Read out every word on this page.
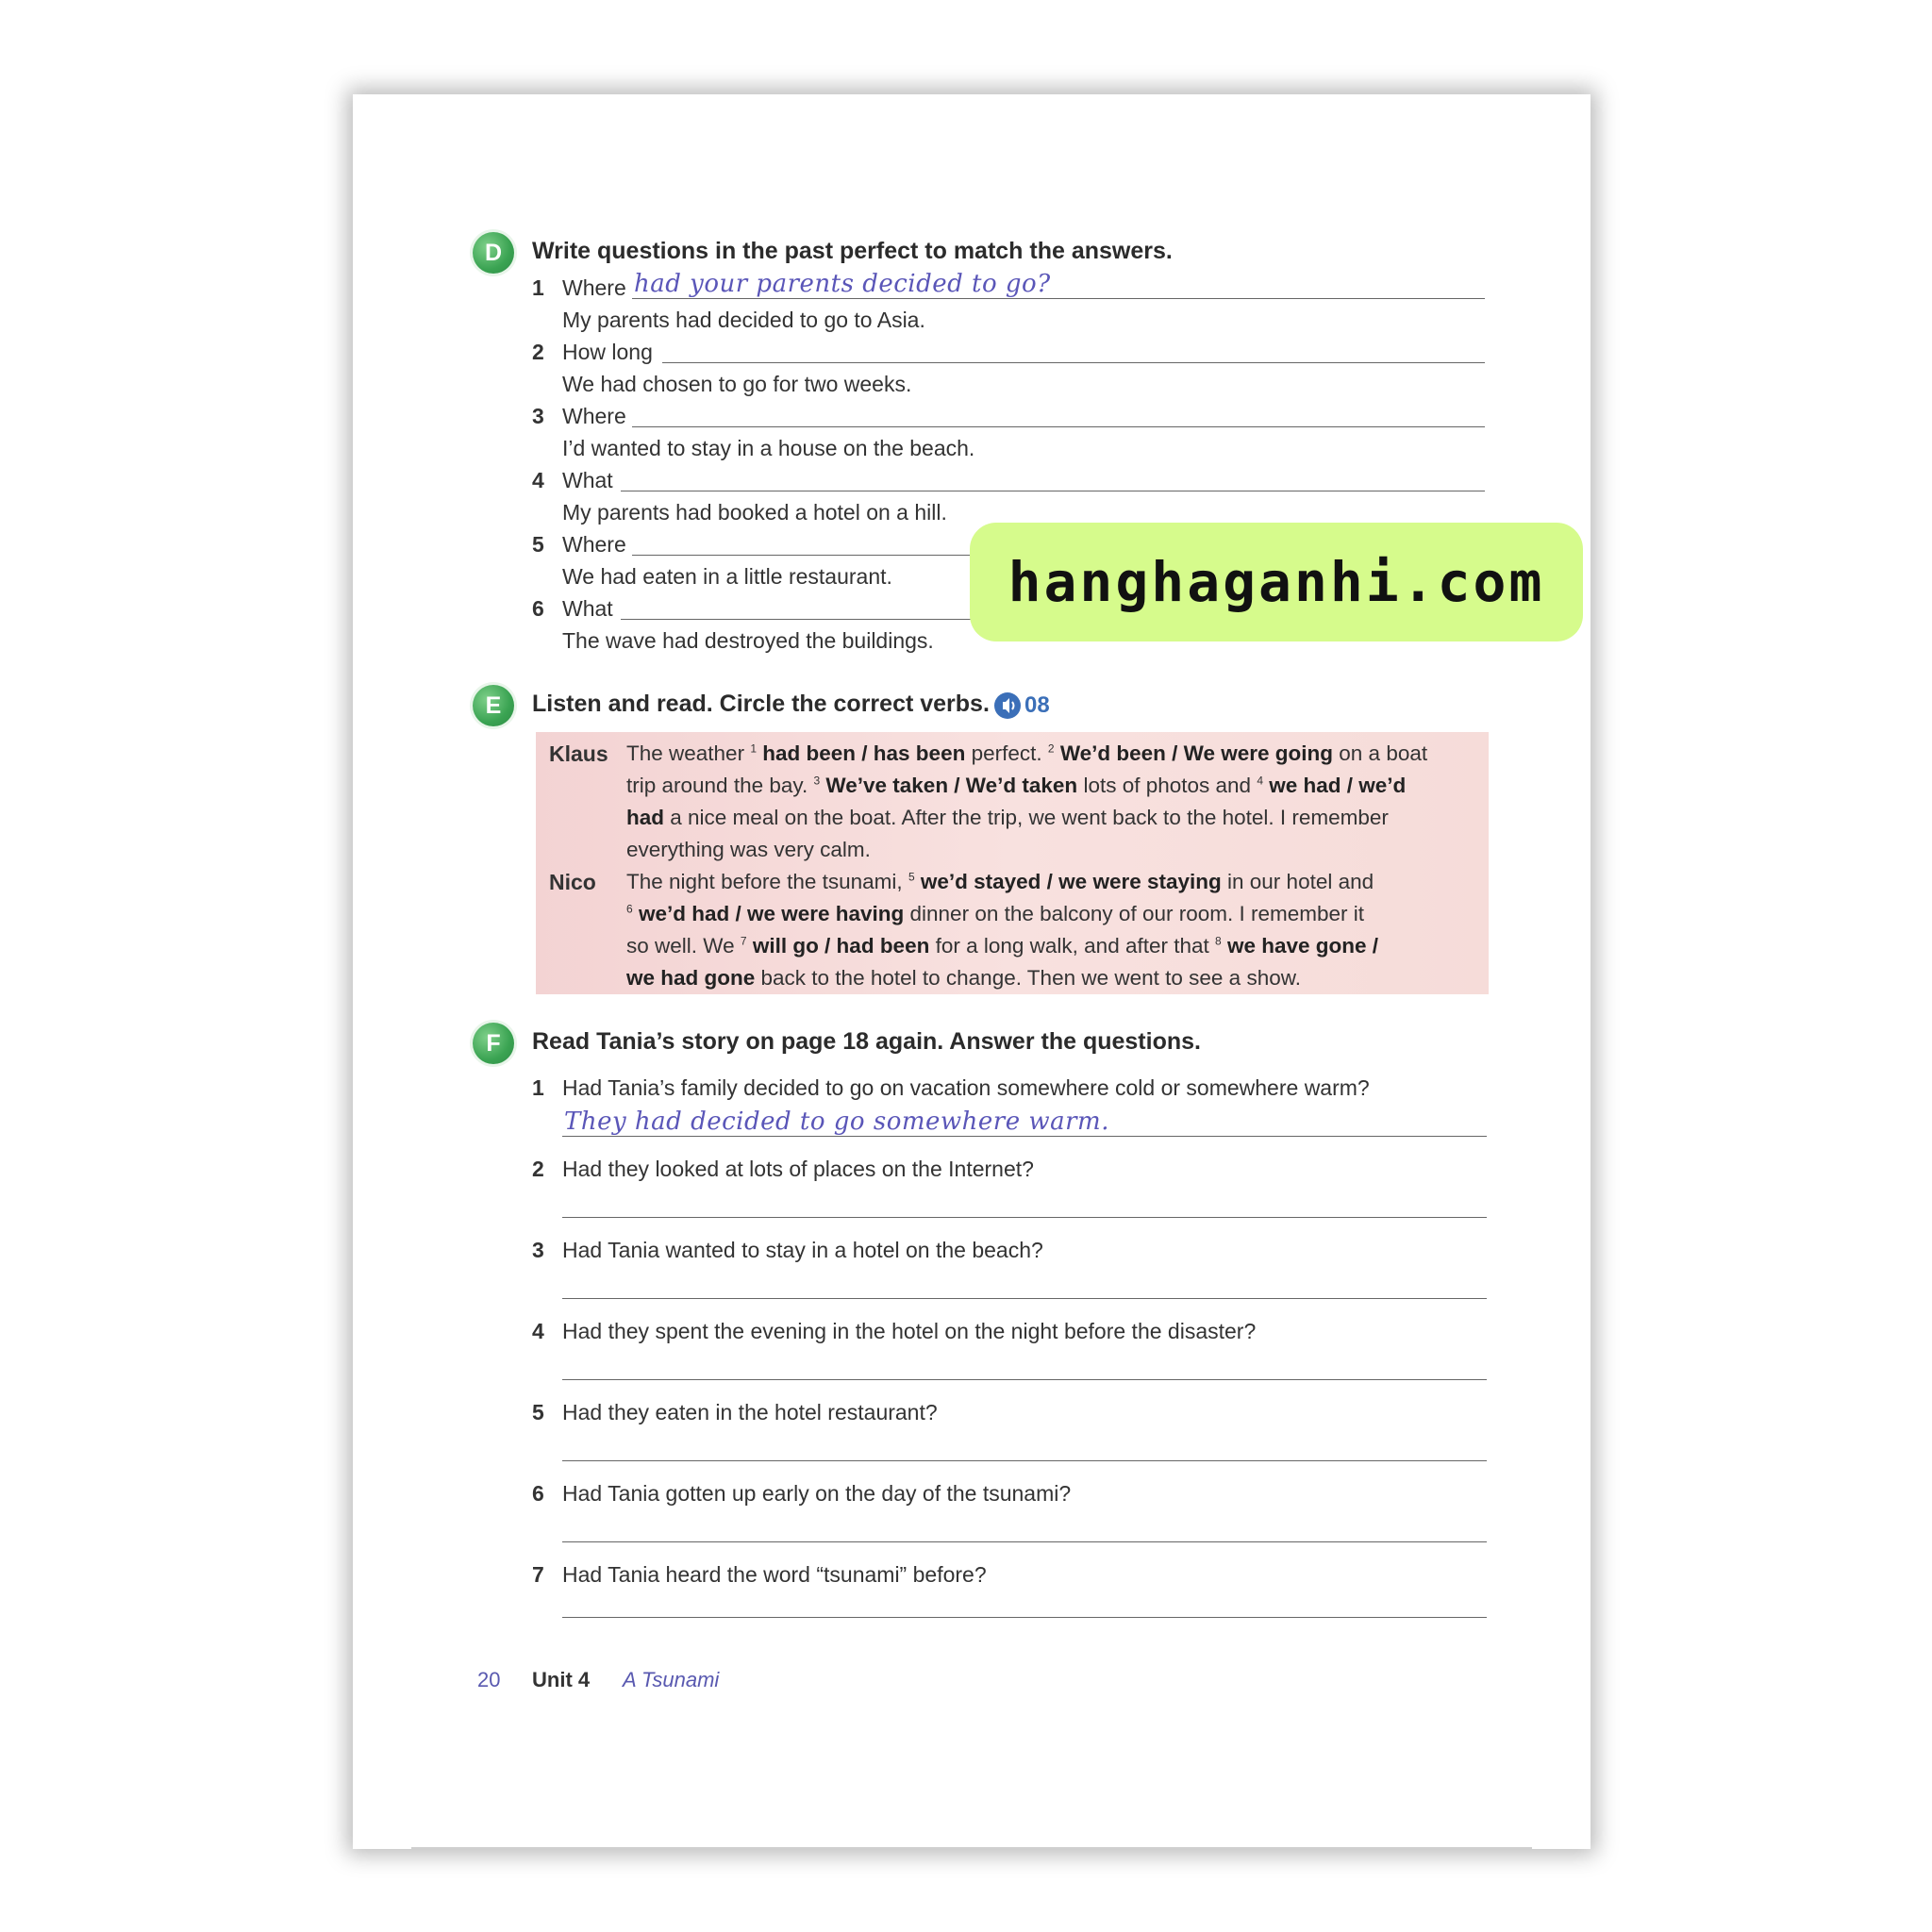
D	Write questions in the past perfect to match the answers.
1 Where had your parents decided to go?
My parents had decided to go to Asia.
2 How long
We had chosen to go for two weeks.
3 Where
I’d wanted to stay in a house on the beach.
4 What
My parents had booked a hotel on a hill.
5 Where
We had eaten in a little restaurant.
6 What
The wave had destroyed the buildings.
E	Listen and read. Circle the correct verbs. 08
Klaus The weather $^1$ had been / has been perfect. $^2$ We’d been / We were going on a boat
trip around the bay. $^3$ We’ve taken / We’d taken lots of photos and $^4$ we had / we’d
had a nice meal on the boat. After the trip, we went back to the hotel. I remember
everything was very calm.
Nico The night before the tsunami, $^5$ we’d stayed / we were staying in our hotel and
$^6$ we’d had / we were having dinner on the balcony of our room. I remember it
so well. We $^7$ will go / had been for a long walk, and after that $^8$ we have gone /
we had gone back to the hotel to change. Then we went to see a show.
F	Read Tania’s story on page 18 again. Answer the questions.
1 Had Tania’s family decided to go on vacation somewhere cold or somewhere warm?
They had decided to go somewhere warm.
2 Had they looked at lots of places on the Internet?
3 Had Tania wanted to stay in a hotel on the beach?
4 Had they spent the evening in the hotel on the night before the disaster?
5 Had they eaten in the hotel restaurant?
6 Had Tania gotten up early on the day of the tsunami?
7 Had Tania heard the word “tsunami” before?
20 Unit 4 A Tsunami
hanghaganhi.com
